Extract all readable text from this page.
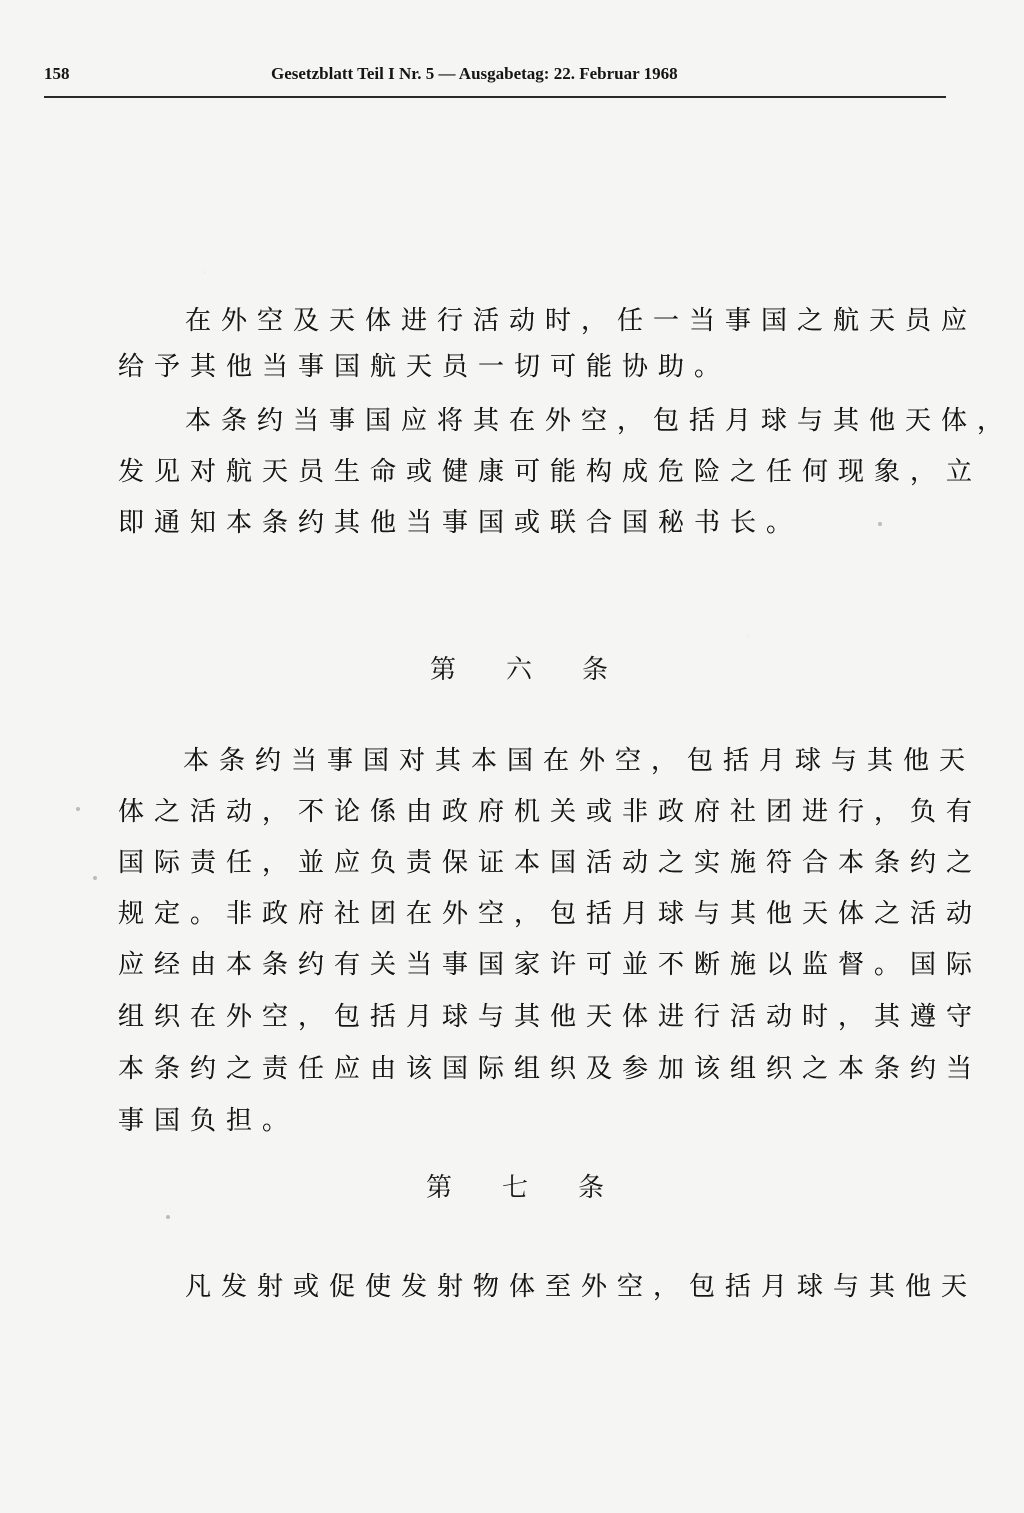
158	Gesetzblatt Teil I Nr. 5 — Ausgabetag: 22. Februar 1968
在外空及天体进行活动时，任一当事国之航天员应
给予其他当事国航天员一切可能协助。
本条约当事国应将其在外空，包括月球与其他天体，
发见对航天员生命或健康可能构成危险之任何现象，立
即通知本条约其他当事国或联合国秘书长。
第六条
本条约当事国对其本国在外空，包括月球与其他天
体之活动，不论係由政府机关或非政府社团进行，负有
国际责任，並应负责保证本国活动之实施符合本条约之
规定。非政府社团在外空，包括月球与其他天体之活动
应经由本条约有关当事国家许可並不断施以监督。国际
组织在外空，包括月球与其他天体进行活动时，其遵守
本条约之责任应由该国际组织及参加该组织之本条约当
事国负担。
第七条
凡发射或促使发射物体至外空，包括月球与其他天
